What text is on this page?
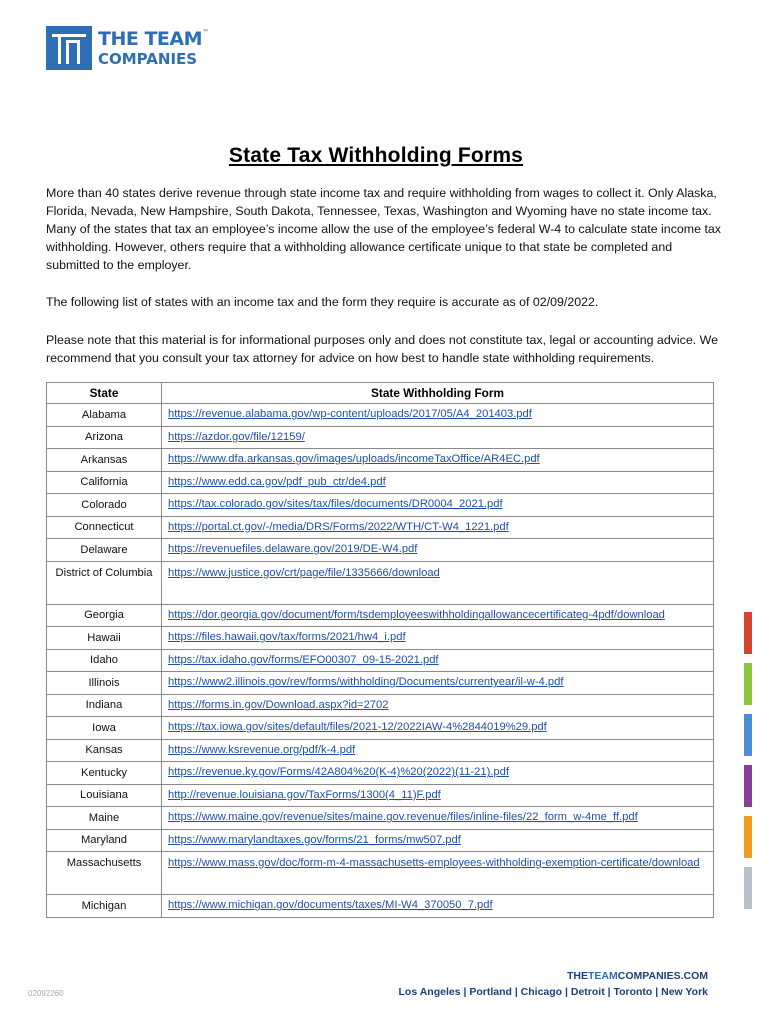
THE TEAM ™
COMPANIES
State Tax Withholding Forms
More than 40 states derive revenue through state income tax and require withholding from wages to collect it. Only Alaska, Florida, Nevada, New Hampshire, South Dakota, Tennessee, Texas, Washington and Wyoming have no state income tax. Many of the states that tax an employee’s income allow the use of the employee’s federal W-4 to calculate state income tax withholding. However, others require that a withholding allowance certificate unique to that state be completed and submitted to the employer.
The following list of states with an income tax and the form they require is accurate as of 02/09/2022.
Please note that this material is for informational purposes only and does not constitute tax, legal or accounting advice. We recommend that you consult your tax attorney for advice on how best to handle state withholding requirements.
State	State Withholding Form
Alabama	https://revenue.alabama.gov/wp-content/uploads/2017/05/A4_201403.pdf
Arizona	https://azdor.gov/file/12159/
Arkansas	https://www.dfa.arkansas.gov/images/uploads/incomeTaxOffice/AR4EC.pdf
California	https://www.edd.ca.gov/pdf_pub_ctr/de4.pdf
Colorado	https://tax.colorado.gov/sites/tax/files/documents/DR0004_2021.pdf
Connecticut	https://portal.ct.gov/-/media/DRS/Forms/2022/WTH/CT-W4_1221.pdf
Delaware	https://revenuefiles.delaware.gov/2019/DE-W4.pdf
District of Columbia	https://www.justice.gov/crt/page/file/1335666/download
Georgia	https://dor.georgia.gov/document/form/tsdemployeeswithholdingallowancecertificateg-4pdf/download
Hawaii	https://files.hawaii.gov/tax/forms/2021/hw4_i.pdf
Idaho	https://tax.idaho.gov/forms/EFO00307_09-15-2021.pdf
Illinois	https://www2.illinois.gov/rev/forms/withholding/Documents/currentyear/il-w-4.pdf
Indiana	https://forms.in.gov/Download.aspx?id=2702
Iowa	https://tax.iowa.gov/sites/default/files/2021-12/2022IAW-4%2844019%29.pdf
Kansas	https://www.ksrevenue.org/pdf/k-4.pdf
Kentucky	https://revenue.ky.gov/Forms/42A804%20(K-4)%20(2022)(11-21).pdf
Louisiana	http://revenue.louisiana.gov/TaxForms/1300(4_11)F.pdf
Maine	https://www.maine.gov/revenue/sites/maine.gov.revenue/files/inline-files/22_form_w-4me_ff.pdf
Maryland	https://www.marylandtaxes.gov/forms/21_forms/mw507.pdf
Massachusetts	https://www.mass.gov/doc/form-m-4-massachusetts-employees-withholding-exemption-certificate/download
Michigan	https://www.michigan.gov/documents/taxes/MI-W4_370050_7.pdf
02092260
THETEAMCOMPANIES.COM
Los Angeles | Portland | Chicago | Detroit | Toronto | New York
